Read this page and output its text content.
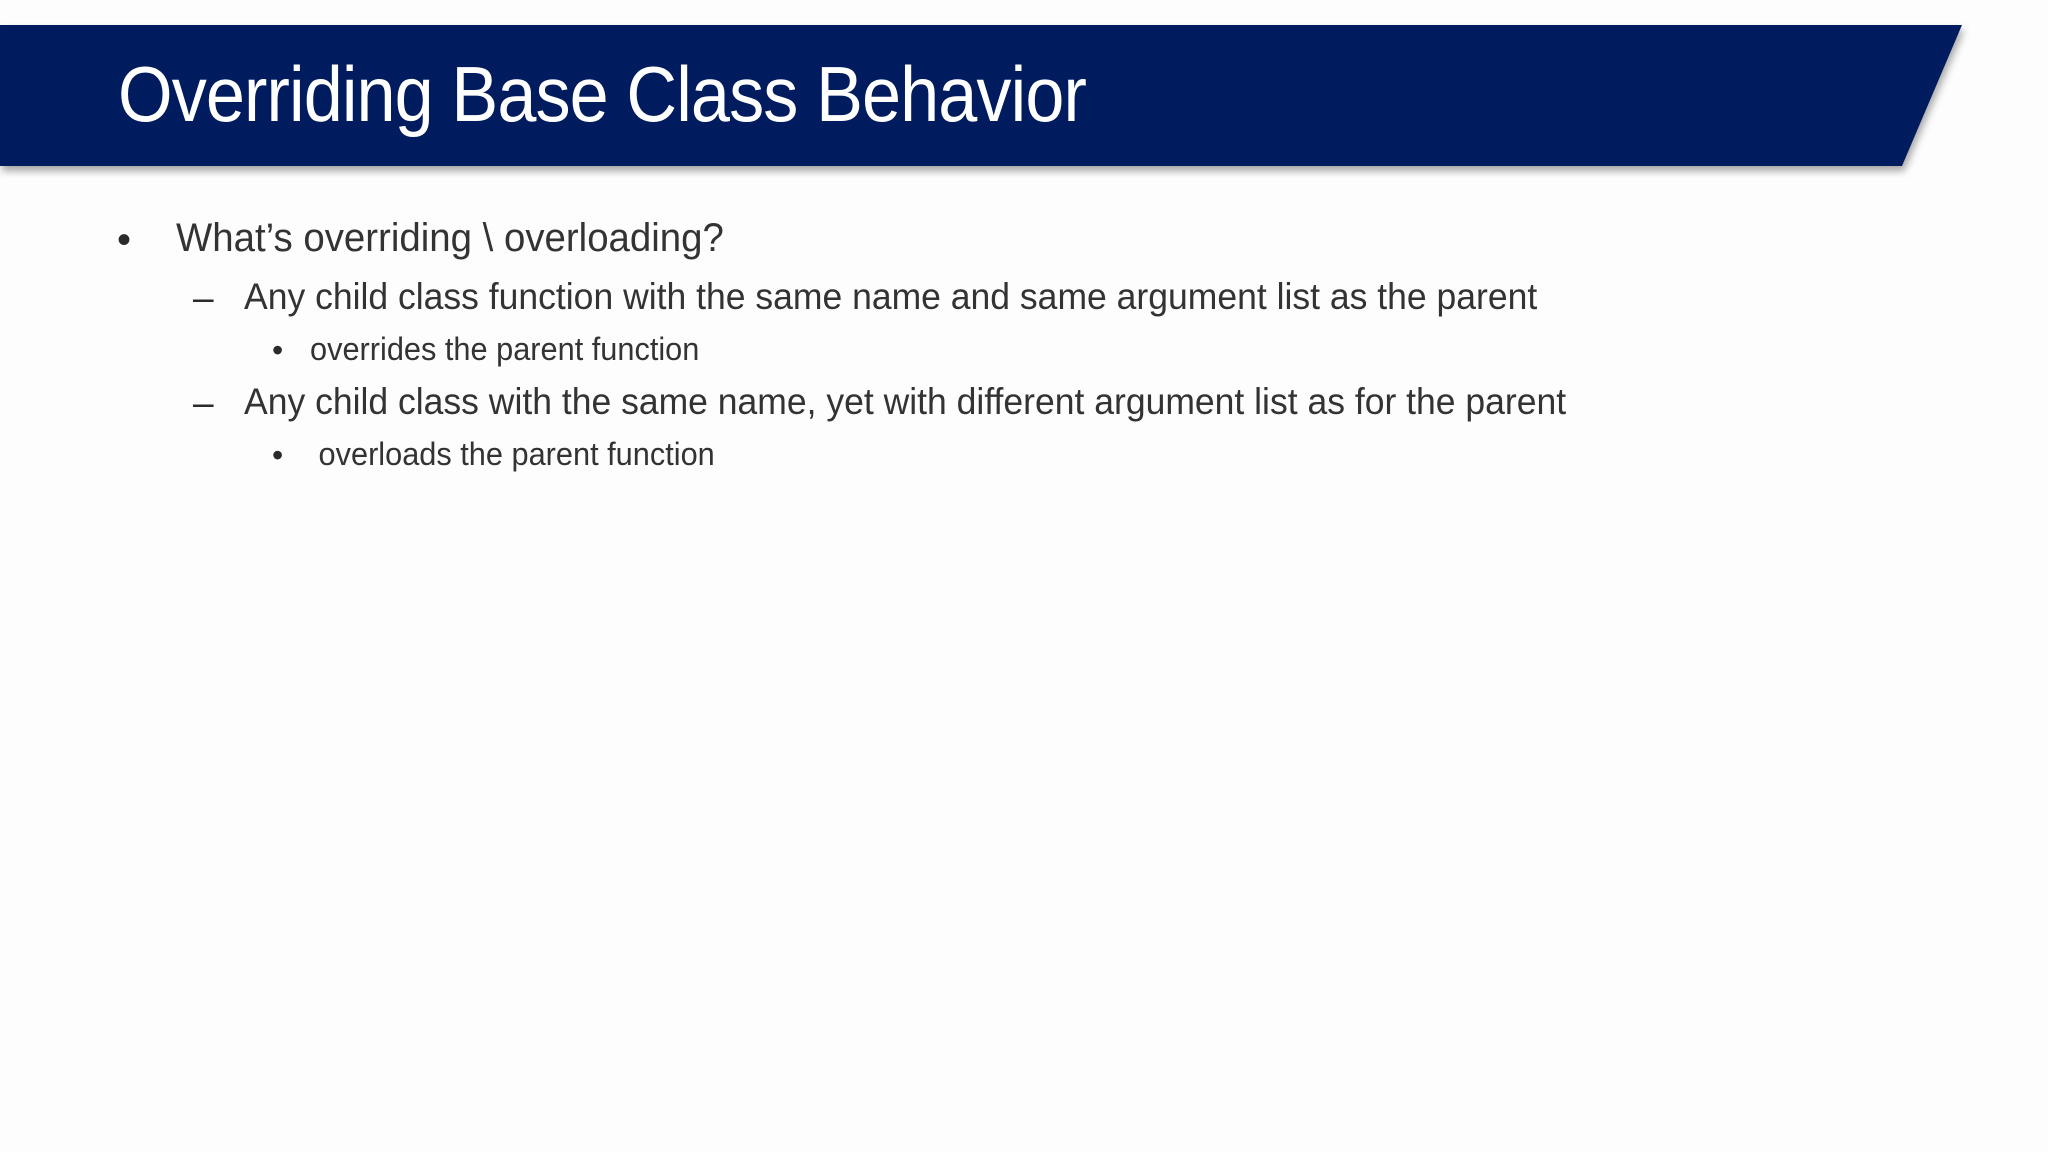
Overriding Base Class Behavior
• What’s overriding \ overloading?
– Any child class function with the same name and same argument list as the parent
• overrides the parent function
– Any child class with the same name, yet with different argument list as for the parent
• overloads the parent function
